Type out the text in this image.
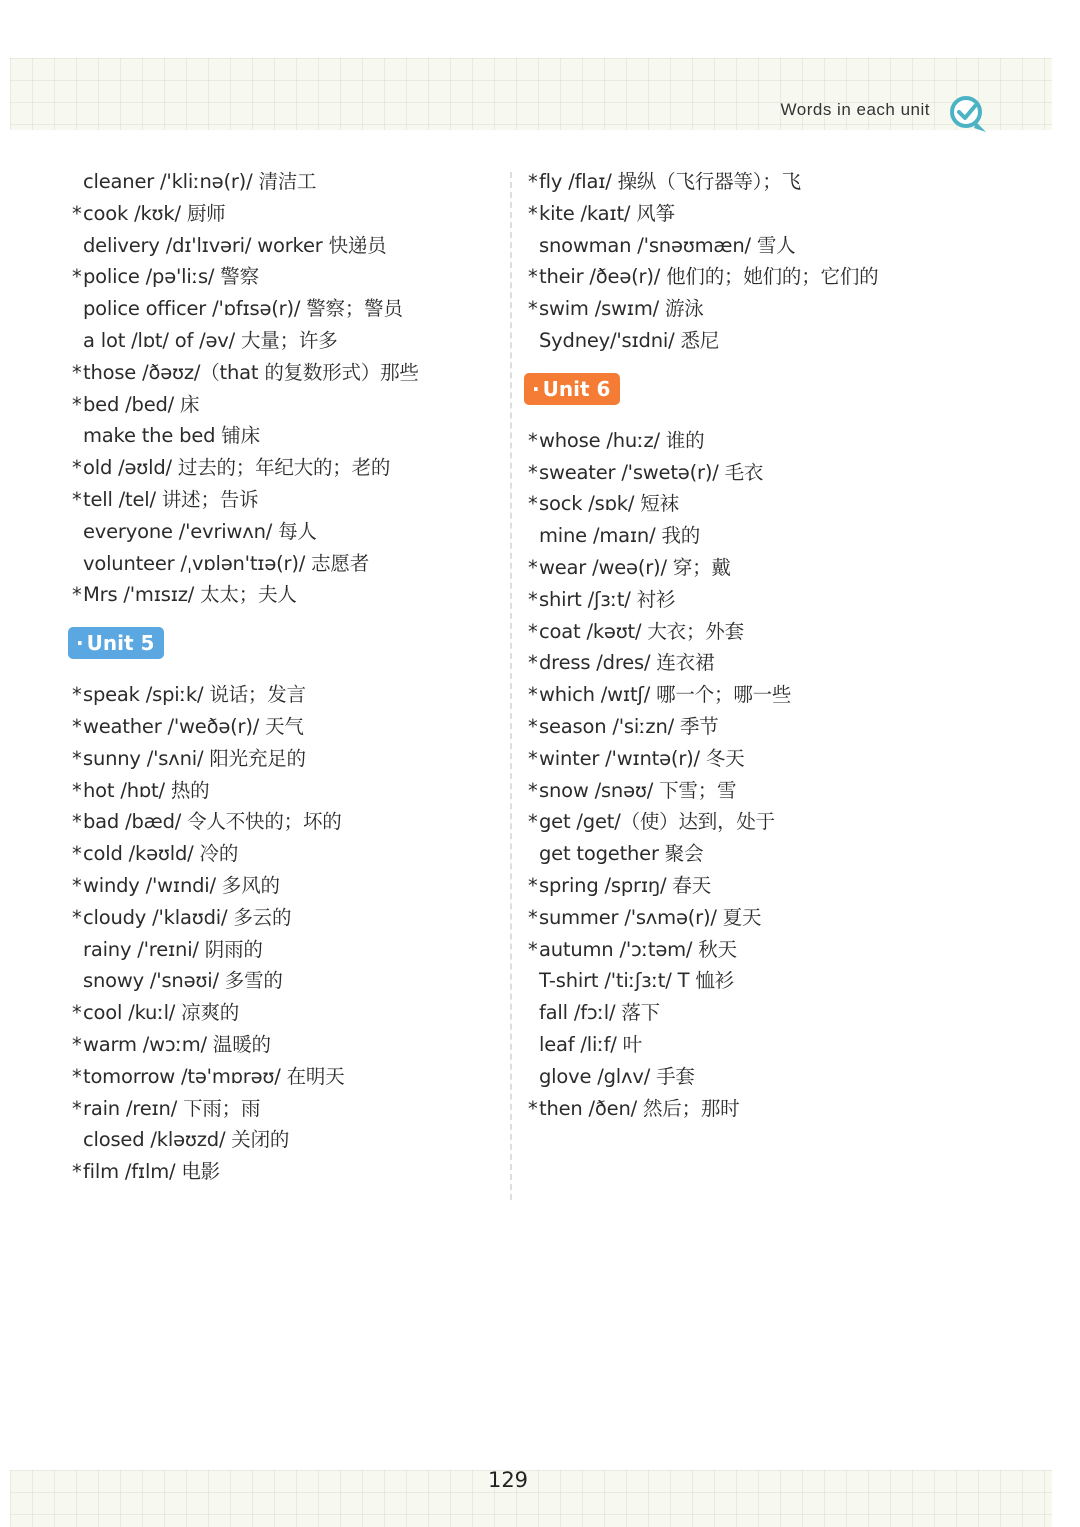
Words in each unit
cleaner /'kliːnə(r)/ 清洁工
*cook /kʊk/ 厨师
delivery /dɪ'lɪvəri/ worker 快递员
*police /pə'liːs/ 警察
police officer /'ɒfɪsə(r)/ 警察；警员
a lot /lɒt/ of /əv/ 大量；许多
*those /ðəʊz/（that 的复数形式）那些
*bed /bed/ 床
make the bed 铺床
*old /əʊld/ 过去的；年纪大的；老的
*tell /tel/ 讲述；告诉
everyone /'evriwʌn/ 每人
volunteer /ˌvɒlən'tɪə(r)/ 志愿者
*Mrs /'mɪsɪz/ 太太；夫人
· Unit 5
*speak /spiːk/ 说话；发言
*weather /'weðə(r)/ 天气
*sunny /'sʌni/ 阳光充足的
*hot /hɒt/ 热的
*bad /bæd/ 令人不快的；坏的
*cold /kəʊld/ 冷的
*windy /'wɪndi/ 多风的
*cloudy /'klaʊdi/ 多云的
rainy /'reɪni/ 阴雨的
snowy /'snəʊi/ 多雪的
*cool /kuːl/ 凉爽的
*warm /wɔːm/ 温暖的
*tomorrow /tə'mɒrəʊ/ 在明天
*rain /reɪn/ 下雨；雨
closed /kləʊzd/ 关闭的
*film /fɪlm/ 电影
*fly /flaɪ/ 操纵（飞行器等）；飞
*kite /kaɪt/ 风筝
snowman /'snəʊmæn/ 雪人
*their /ðeə(r)/ 他们的；她们的；它们的
*swim /swɪm/ 游泳
Sydney/'sɪdni/ 悉尼
· Unit 6
*whose /huːz/ 谁的
*sweater /'swetə(r)/ 毛衣
*sock /sɒk/ 短袜
mine /maɪn/ 我的
*wear /weə(r)/ 穿；戴
*shirt /ʃɜːt/ 衬衫
*coat /kəʊt/ 大衣；外套
*dress /dres/ 连衣裙
*which /wɪtʃ/ 哪一个；哪一些
*season /'siːzn/ 季节
*winter /'wɪntə(r)/ 冬天
*snow /snəʊ/ 下雪；雪
*get /get/（使）达到，处于
get together 聚会
*spring /sprɪŋ/ 春天
*summer /'sʌmə(r)/ 夏天
*autumn /'ɔːtəm/ 秋天
T-shirt /'tiːʃɜːt/ T 恤衫
fall /fɔːl/ 落下
leaf /liːf/ 叶
glove /glʌv/ 手套
*then /ðen/ 然后；那时
129
